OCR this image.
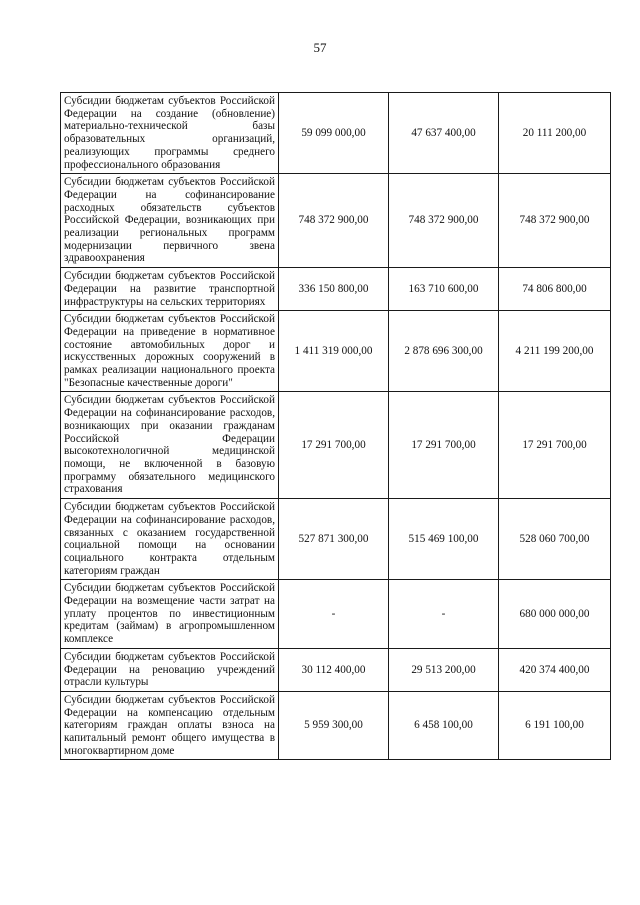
57
Субсидии бюджетам субъектов Российской Федерации на создание (обновление) материально-технической базы образовательных организаций, реализующих программы среднего профессионального образования	59 099 000,00	47 637 400,00	20 111 200,00
Субсидии бюджетам субъектов Российской Федерации на софинансирование расходных обязательств субъектов Российской Федерации, возникающих при реализации региональных программ модернизации первичного звена здравоохранения	748 372 900,00	748 372 900,00	748 372 900,00
Субсидии бюджетам субъектов Российской Федерации на развитие транспортной инфраструктуры на сельских территориях	336 150 800,00	163 710 600,00	74 806 800,00
Субсидии бюджетам субъектов Российской Федерации на приведение в нормативное состояние автомобильных дорог и искусственных дорожных сооружений в рамках реализации национального проекта "Безопасные качественные дороги"	1 411 319 000,00	2 878 696 300,00	4 211 199 200,00
Субсидии бюджетам субъектов Российской Федерации на софинансирование расходов, возникающих при оказании гражданам Российской Федерации высокотехнологичной медицинской помощи, не включенной в базовую программу обязательного медицинского страхования	17 291 700,00	17 291 700,00	17 291 700,00
Субсидии бюджетам субъектов Российской Федерации на софинансирование расходов, связанных с оказанием государственной социальной помощи на основании социального контракта отдельным категориям граждан	527 871 300,00	515 469 100,00	528 060 700,00
Субсидии бюджетам субъектов Российской Федерации на возмещение части затрат на уплату процентов по инвестиционным кредитам (займам) в агропромышленном комплексе	-	-	680 000 000,00
Субсидии бюджетам субъектов Российской Федерации на реновацию учреждений отрасли культуры	30 112 400,00	29 513 200,00	420 374 400,00
Субсидии бюджетам субъектов Российской Федерации на компенсацию отдельным категориям граждан оплаты взноса на капитальный ремонт общего имущества в многоквартирном доме	5 959 300,00	6 458 100,00	6 191 100,00
